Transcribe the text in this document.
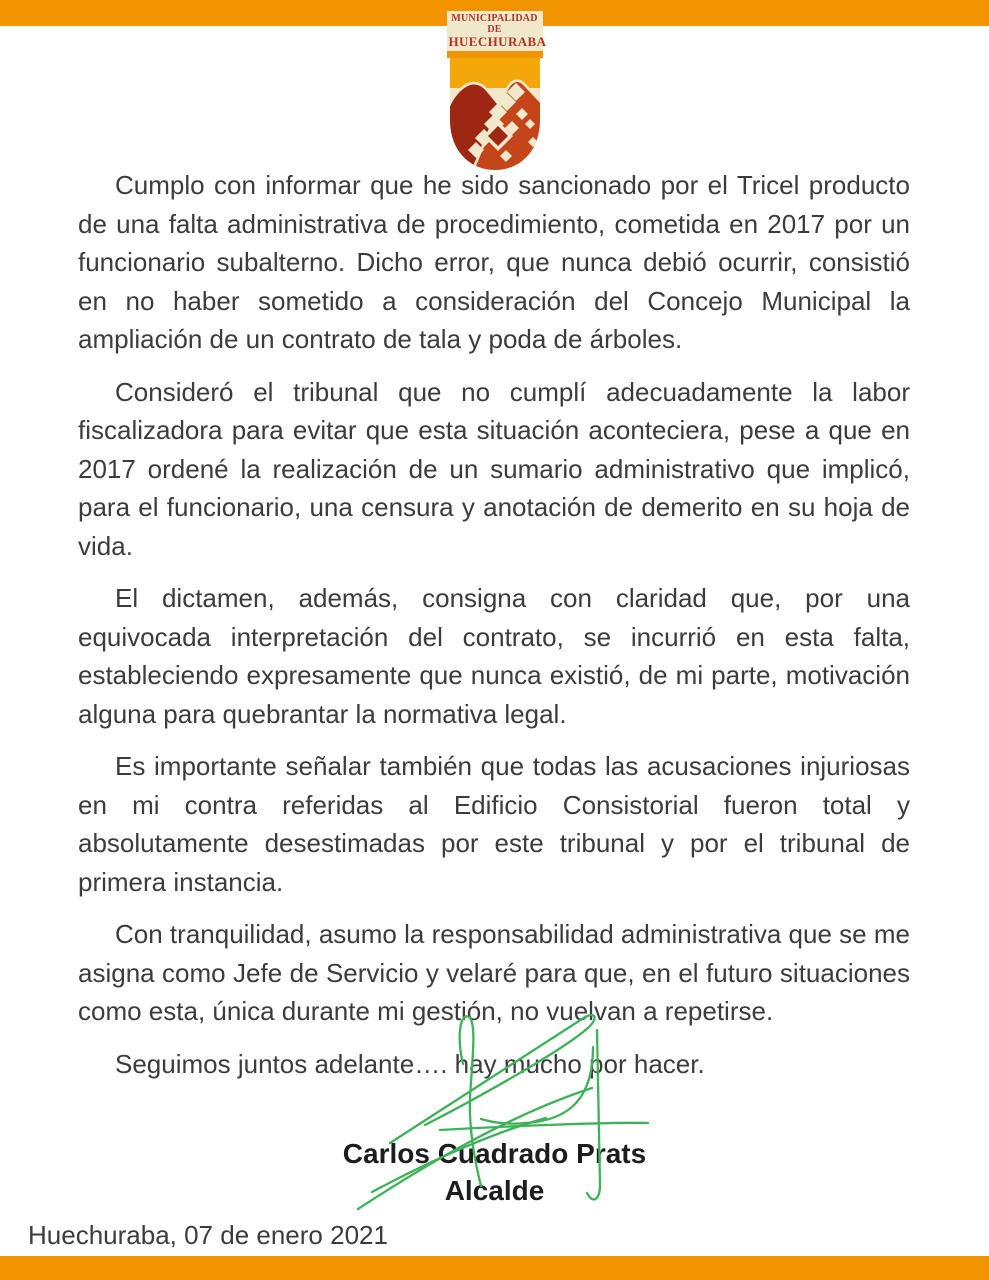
MUNICIPALIDAD DE
HUECHURABA

Cumplo con informar que he sido sancionado por el Tricel producto de una falta administrativa de procedimiento, cometida en 2017 por un funcionario subalterno. Dicho error, que nunca debió ocurrir, consistió en no haber sometido a consideración del Concejo Municipal la ampliación de un contrato de tala y poda de árboles.

Consideró el tribunal que no cumplí adecuadamente la labor fiscalizadora para evitar que esta situación aconteciera, pese a que en 2017 ordené la realización de un sumario administrativo que implicó, para el funcionario, una censura y anotación de demerito en su hoja de vida.

El dictamen, además, consigna con claridad que, por una equivocada interpretación del contrato, se incurrió en esta falta, estableciendo expresamente que nunca existió, de mi parte, motivación alguna para quebrantar la normativa legal.

Es importante señalar también que todas las acusaciones injuriosas en mi contra referidas al Edificio Consistorial fueron total y absolutamente desestimadas por este tribunal y por el tribunal de primera instancia.

Con tranquilidad, asumo la responsabilidad administrativa que se me asigna como Jefe de Servicio y velaré para que, en el futuro situaciones como esta, única durante mi gestión, no vuelvan a repetirse.

Seguimos juntos adelante…. hay mucho por hacer.

Carlos Cuadrado Prats
Alcalde
Huechuraba, 07 de enero 2021
